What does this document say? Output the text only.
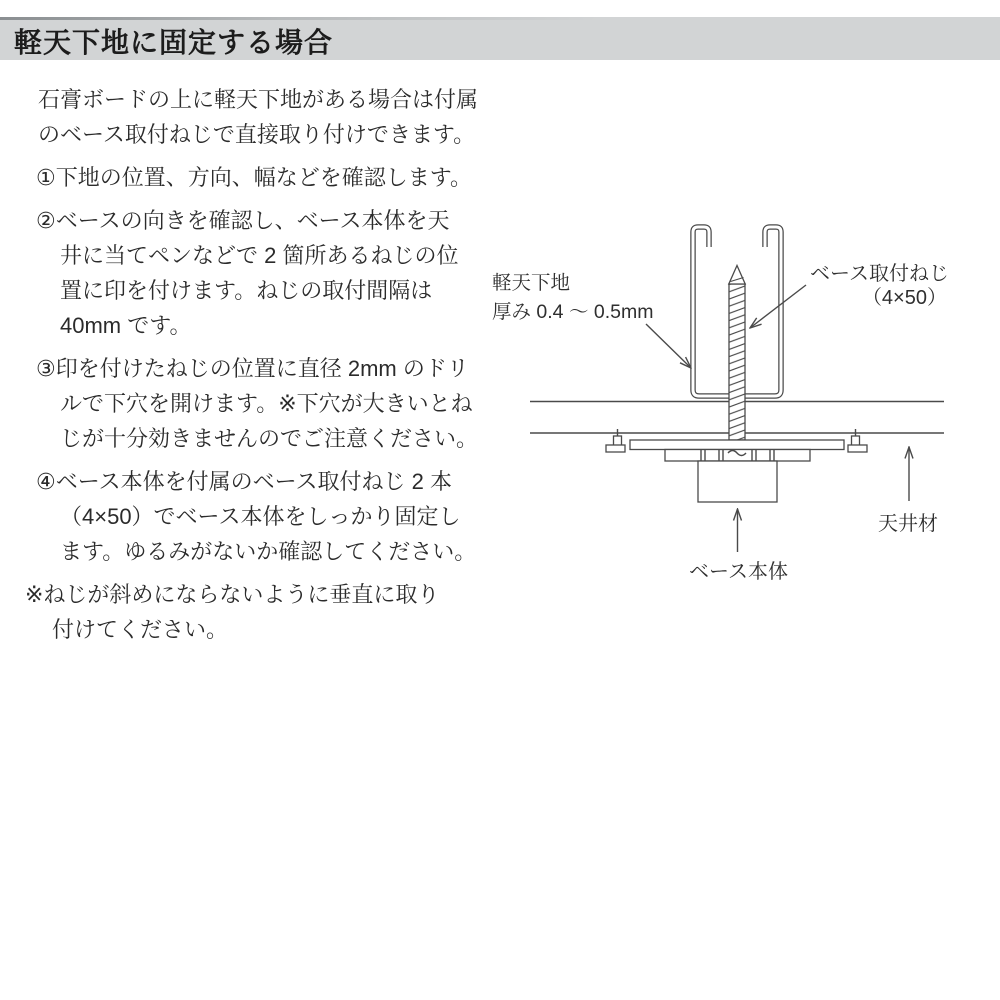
軽天下地に固定する場合
石膏ボードの上に軽天下地がある場合は付属
のベース取付ねじで直接取り付けできます。
①下地の位置、方向、幅などを確認します。
②ベースの向きを確認し、ベース本体を天
井に当てペンなどで 2 箇所あるねじの位
置に印を付けます。ねじの取付間隔は
40mm です。
③印を付けたねじの位置に直径 2mm のドリ
ルで下穴を開けます。※下穴が大きいとね
じが十分効きませんのでご注意ください。
④ベース本体を付属のベース取付ねじ 2 本
（4×50）でベース本体をしっかり固定し
ます。ゆるみがないか確認してください。
※ねじが斜めにならないように垂直に取り
付けてください。
軽天下地
厚み 0.4 ～ 0.5mm
ベース取付ねじ
（4×50）
天井材
ベース本体
